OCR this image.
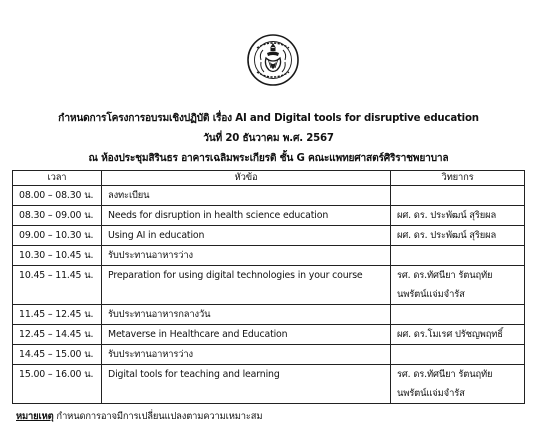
กำหนดการโครงการอบรมเชิงปฏิบัติ เรื่อง AI and Digital tools for disruptive education
วันที่ 20 ธันวาคม พ.ศ. 2567
ณ ห้องประชุมสิรินธร อาคารเฉลิมพระเกียรติ ชั้น G คณะแพทยศาสตร์ศิริราชพยาบาล
เวลา	หัวข้อ	วิทยากร
08.00 – 08.30 น.	ลงทะเบียน	
08.30 – 09.00 น.	Needs for disruption in health science education	ผศ. ดร. ประพัฒน์ สุริยผล
09.00 – 10.30 น.	Using AI in education	ผศ. ดร. ประพัฒน์ สุริยผล
10.30 – 10.45 น.	รับประทานอาหารว่าง	
10.45 – 11.45 น.	Preparation for using digital technologies in your course	รศ. ดร.ทัศนียา รัตนฤทัย นพรัตน์แจ่มจำรัส
11.45 – 12.45 น.	รับประทานอาหารกลางวัน	
12.45 – 14.45 น.	Metaverse in Healthcare and Education	ผศ. ดร.โมเรศ ปรัชญพฤทธิ์
14.45 – 15.00 น.	รับประทานอาหารว่าง	
15.00 – 16.00 น.	Digital tools for teaching and learning	รศ. ดร.ทัศนียา รัตนฤทัย นพรัตน์แจ่มจำรัส
หมายเหตุ กำหนดการอาจมีการเปลี่ยนแปลงตามความเหมาะสม
